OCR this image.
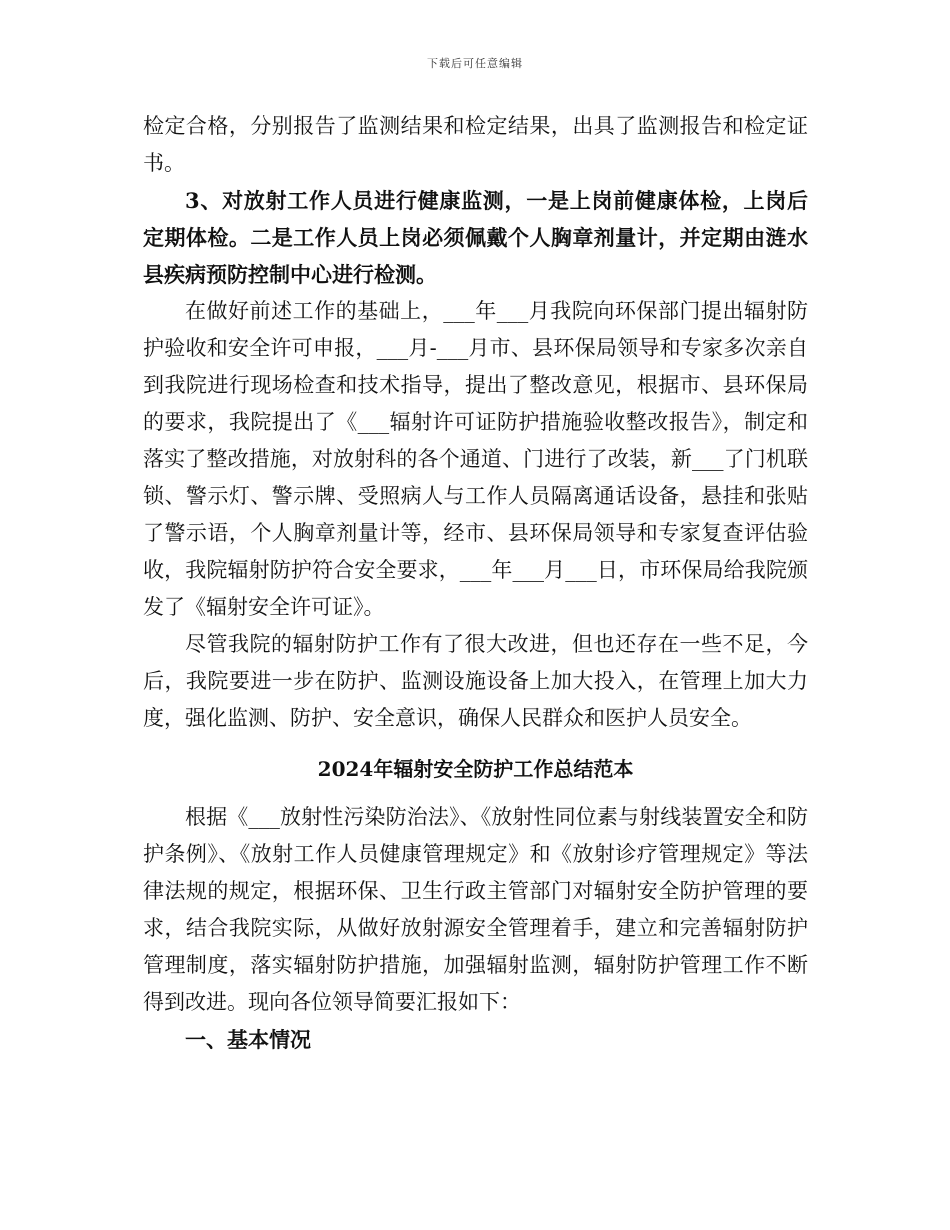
下载后可任意编辑

检定合格，分别报告了监测结果和检定结果，出具了监测报告和检定证书。

3、对放射工作人员进行健康监测，一是上岗前健康体检，上岗后定期体检。二是工作人员上岗必须佩戴个人胸章剂量计，并定期由涟水县疾病预防控制中心进行检测。

在做好前述工作的基础上，___年___月我院向环保部门提出辐射防护验收和安全许可申报，___月-___月市、县环保局领导和专家多次亲自到我院进行现场检查和技术指导，提出了整改意见，根据市、县环保局的要求，我院提出了《___辐射许可证防护措施验收整改报告》，制定和落实了整改措施，对放射科的各个通道、门进行了改装，新___了门机联锁、警示灯、警示牌、受照病人与工作人员隔离通话设备，悬挂和张贴了警示语，个人胸章剂量计等，经市、县环保局领导和专家复查评估验收，我院辐射防护符合安全要求，___年___月___日，市环保局给我院颁发了《辐射安全许可证》。

尽管我院的辐射防护工作有了很大改进，但也还存在一些不足，今后，我院要进一步在防护、监测设施设备上加大投入，在管理上加大力度，强化监测、防护、安全意识，确保人民群众和医护人员安全。

2024年辐射安全防护工作总结范本

根据《___放射性污染防治法》、《放射性同位素与射线装置安全和防护条例》、《放射工作人员健康管理规定》和《放射诊疗管理规定》等法律法规的规定，根据环保、卫生行政主管部门对辐射安全防护管理的要求，结合我院实际，从做好放射源安全管理着手，建立和完善辐射防护管理制度，落实辐射防护措施，加强辐射监测，辐射防护管理工作不断得到改进。现向各位领导简要汇报如下：

一、基本情况
